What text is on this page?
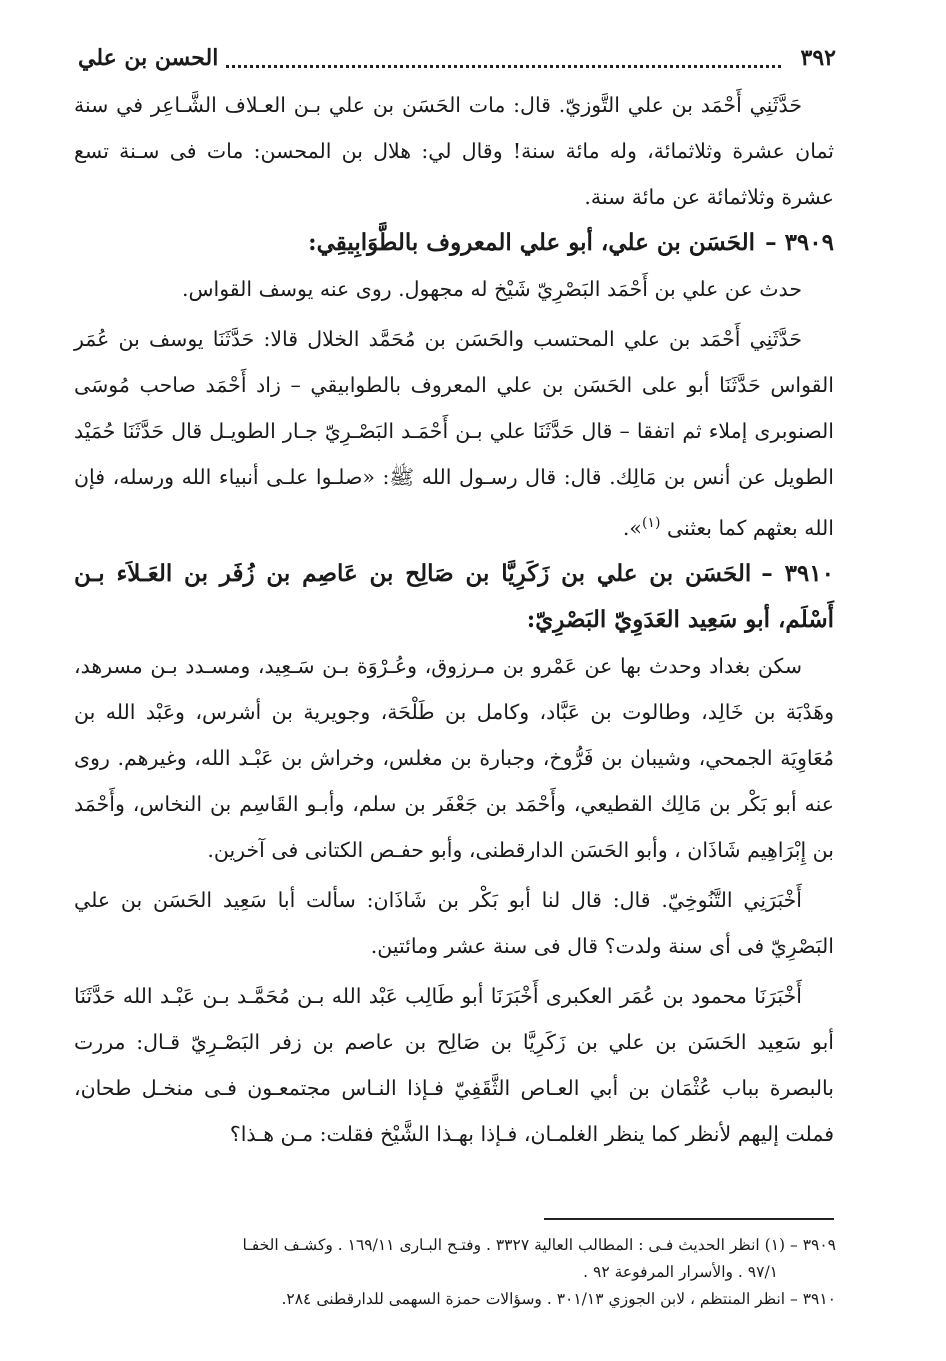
٣٩٢
الحسن بن علي

حَدَّثَنِي أَحْمَد بن علي التَّوزيّ. قال: مات الحَسَن بن علي بـن العـلاف الشَّـاعِر في سنة ثمان عشرة وثلاثمائة، وله مائة سنة! وقال لي: هلال بن المحسن: مات فى سـنة تسع عشرة وثلاثمائة عن مائة سنة.

٣٩٠٩ –الحَسَن بن علي، أبو علي المعروف بالطَّوَابِيقِي:

حدث عن علي بن أَحْمَد البَصْرِيّ شَيْخ له مجهول. روى عنه يوسف القواس.

حَدَّثَنِي أَحْمَد بن علي المحتسب والحَسَن بن مُحَمَّد الخلال قالا: حَدَّثَنَا يوسف بن عُمَر القواس حَدَّثَنَا أبو على الحَسَن بن علي المعروف بالطوابيقي – زاد أَحْمَد صاحب مُوسَى الصنوبرى إملاء ثم اتفقا – قال حَدَّثَنَا علي بـن أَحْمَـد البَصْـرِيّ جـار الطويـل قال حَدَّثَنَا حُمَيْد الطويل عن أنس بن مَالِك. قال: قال رسـول الله ﷺ: «صلـوا علـى أنبياء الله ورسله، فإن الله بعثهم كما بعثنى $^{(١)}$».

٣٩١٠ –الحَسَن بن علي بن زَكَرِيَّا بن صَالِح بن عَاصِم بن زُفَر بن العَـلاَء بـن أَسْلَم، أبو سَعِيد العَدَوِيّ البَصْرِيّ:

سكن بغداد وحدث بها عن عَمْرو بن مـرزوق، وعُـرْوَة بـن سَـعِيد، ومسـدد بـن مسرهد، وهَدْبَة بن خَالِد، وطالوت بن عَبَّاد، وكامل بن طَلْحَة، وجويرية بن أشرس، وعَبْد الله بن مُعَاوِيَة الجمحي، وشيبان بن فَرُّوخ، وجبارة بن مغلس، وخراش بن عَبْـد الله، وغيرهم. روى عنه أبو بَكْر بن مَالِك القطيعي، وأَحْمَد بن جَعْفَر بن سلم، وأبـو القَاسِم بن النخاس، وأَحْمَد بن إِبْرَاهِيم شَاذَان ، وأبو الحَسَن الدارقطنى، وأبو حفـص الكتانى فى آخرين.

أَخْبَرَنِي التَّنُوخِيّ. قال: قال لنا أبو بَكْر بن شَاذَان: سألت أبا سَعِيد الحَسَن بن علي البَصْرِيّ فى أى سنة ولدت؟ قال فى سنة عشر ومائتين.

أَخْبَرَنَا محمود بن عُمَر العكبرى أَخْبَرَنَا أبو طَالِب عَبْد الله بـن مُحَمَّـد بـن عَبْـد الله حَدَّثَنَا أبو سَعِيد الحَسَن بن علي بن زَكَرِيَّا بن صَالِح بن عاصم بن زفر البَصْـرِيّ قـال: مررت بالبصرة بباب عُثْمَان بن أبي العـاص الثَّقَفِيّ فـإذا النـاس مجتمعـون فـى منخـل طحان، فملت إليهم لأنظر كما ينظر الغلمـان، فـإذا بهـذا الشَّيْخ فقلت: مـن هـذا؟

٣٩٠٩ – (١) انظر الحديث فـى : المطالب العالية ٣٣٢٧ . وفتـح البـارى ١٦٩/١١ . وكشـف الخفـا

٩٧/١ . والأسرار المرفوعة ٩٢ .

٣٩١٠ – انظر المنتظم ، لابن الجوزي ٣٠١/١٣ . وسؤالات حمزة السهمى للدارقطنى ٢٨٤.
